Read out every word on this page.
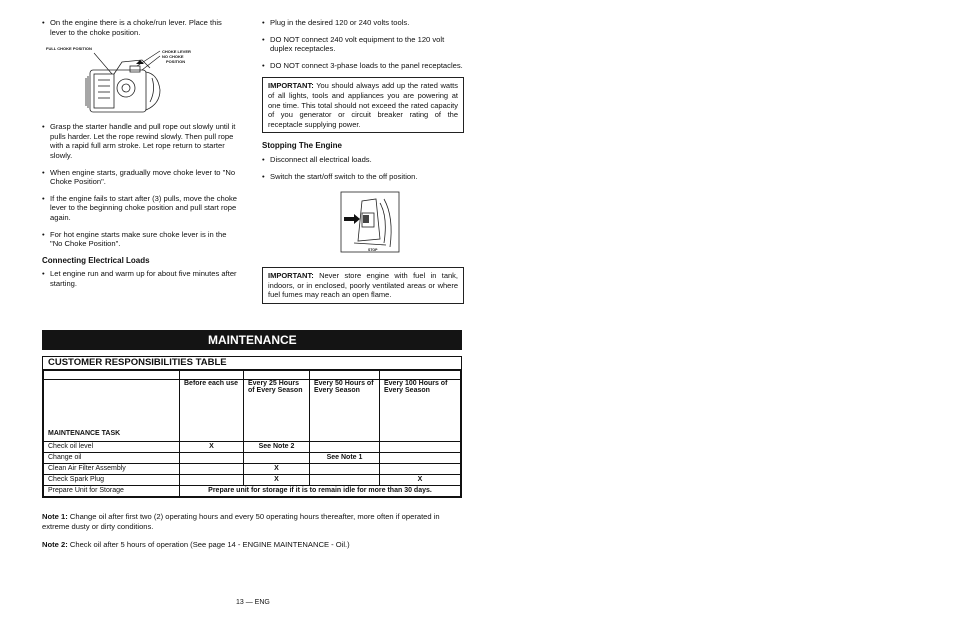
• On the engine there is a choke/run lever. Place this lever to the choke position.
FULL CHOKE POSITION
CHOKE LEVER
NO CHOKE
POSITION
• Grasp the starter handle and pull rope out slowly until it pulls harder. Let the rope rewind slowly. Then pull rope with a rapid full arm stroke. Let rope return to starter slowly.
• When engine starts, gradually move choke lever to "No Choke Position".
• If the engine fails to start after (3) pulls, move the choke lever to the beginning choke position and pull start rope again.
• For hot engine starts make sure choke lever is in the "No Choke Position".
Connecting Electrical Loads
• Let engine run and warm up for about five minutes after starting.
• Plug in the desired 120 or 240 volts tools.
• DO NOT connect 240 volt equipment to the 120 volt duplex receptacles.
• DO NOT connect 3-phase loads to the panel receptacles.
IMPORTANT: You should always add up the rated watts of all lights, tools and appliances you are powering at one time. This total should not exceed the rated capacity of you generator or circuit breaker rating of the receptacle supplying power.
Stopping The Engine
• Disconnect all electrical loads.
• Switch the start/off switch to the off position.
STOP
IMPORTANT: Never store engine with fuel in tank, indoors, or in enclosed, poorly ventilated areas or where fuel fumes may reach an open flame.
MAINTENANCE
CUSTOMER RESPONSIBILITIES TABLE

MAINTENANCE TASK	Before each use	Every 25 Hours of Every Season	Every 50 Hours of Every Season	Every 100 Hours of Every Season
Check oil level	X	See Note 2		
Change oil			See Note 1	
Clean Air Filter Assembly		X		
Check Spark Plug		X		X
Prepare Unit for Storage	Prepare unit for storage if it is to remain idle for more than 30 days.			
Note 1: Change oil after first two (2) operating hours and every 50 operating hours thereafter, more often if operated in extreme dusty or dirty conditions.
Note 2: Check oil after 5 hours of operation (See page 14 - ENGINE MAINTENANCE - Oil.)
13 — ENG
